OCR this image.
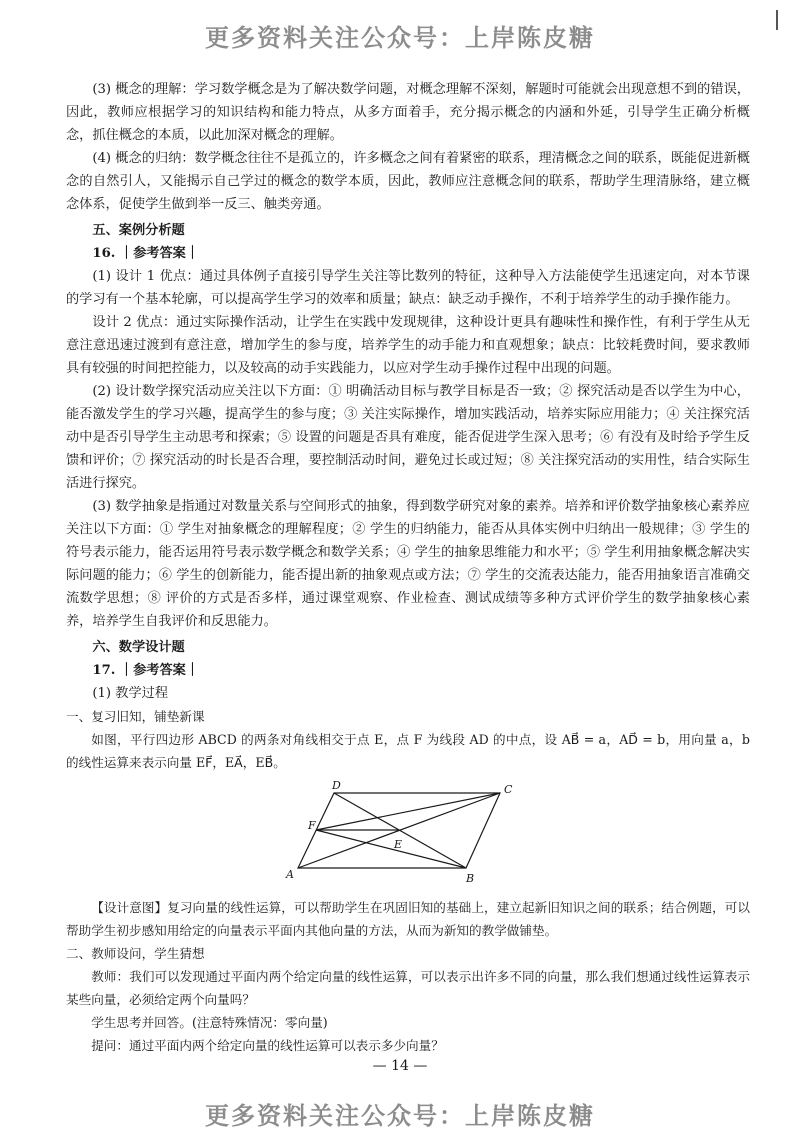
更多资料关注公众号：上岸陈皮糖

(3) 概念的理解：学习数学概念是为了解决数学问题，对概念理解不深刻，解题时可能就会出现意想不到的错误，因此，教师应根据学习的知识结构和能力特点，从多方面着手，充分揭示概念的内涵和外延，引导学生正确分析概念，抓住概念的本质，以此加深对概念的理解。

(4) 概念的归纳：数学概念往往不是孤立的，许多概念之间有着紧密的联系，理清概念之间的联系，既能促进新概念的自然引人，又能揭示自己学过的概念的数学本质，因此，教师应注意概念间的联系，帮助学生理清脉络，建立概念体系，促使学生做到举一反三、触类旁通。

五、案例分析题

16. ｜参考答案｜

(1) 设计 1 优点：通过具体例子直接引导学生关注等比数列的特征，这种导入方法能使学生迅速定向，对本节课的学习有一个基本轮廓，可以提高学生学习的效率和质量；缺点：缺乏动手操作，不利于培养学生的动手操作能力。

设计 2 优点：通过实际操作活动，让学生在实践中发现规律，这种设计更具有趣味性和操作性，有利于学生从无意注意迅速过渡到有意注意，增加学生的参与度，培养学生的动手能力和直观想象；缺点：比较耗费时间，要求教师具有较强的时间把控能力，以及较高的动手实践能力，以应对学生动手操作过程中出现的问题。

(2) 设计数学探究活动应关注以下方面：① 明确活动目标与教学目标是否一致；② 探究活动是否以学生为中心，能否激发学生的学习兴趣，提高学生的参与度；③ 关注实际操作，增加实践活动，培养实际应用能力；④ 关注探究活动中是否引导学生主动思考和探索；⑤ 设置的问题是否具有难度，能否促进学生深入思考；⑥ 有没有及时给予学生反馈和评价；⑦ 探究活动的时长是否合理，要控制活动时间，避免过长或过短；⑧ 关注探究活动的实用性，结合实际生活进行探究。

(3) 数学抽象是指通过对数量关系与空间形式的抽象，得到数学研究对象的素养。培养和评价数学抽象核心素养应关注以下方面：① 学生对抽象概念的理解程度；② 学生的归纳能力，能否从具体实例中归纳出一般规律；③ 学生的符号表示能力，能否运用符号表示数学概念和数学关系；④ 学生的抽象思维能力和水平；⑤ 学生利用抽象概念解决实际问题的能力；⑥ 学生的创新能力，能否提出新的抽象观点或方法；⑦ 学生的交流表达能力，能否用抽象语言准确交流数学思想；⑧ 评价的方式是否多样，通过课堂观察、作业检查、测试成绩等多种方式评价学生的数学抽象核心素养，培养学生自我评价和反思能力。

六、数学设计题

17. ｜参考答案｜

(1) 教学过程

一、复习旧知，铺垫新课

如图，平行四边形 ABCD 的两条对角线相交于点 E，点 F 为线段 AD 的中点，设 AB⃗ = a，AD⃗ = b，用向量 a，b 的线性运算来表示向量 EF⃗，EA⃗，EB⃗。

A	B
C
D
E
F

【设计意图】复习向量的线性运算，可以帮助学生在巩固旧知的基础上，建立起新旧知识之间的联系；结合例题，可以帮助学生初步感知用给定的向量表示平面内其他向量的方法，从而为新知的教学做铺垫。

二、教师设问，学生猜想

教师：我们可以发现通过平面内两个给定向量的线性运算，可以表示出许多不同的向量，那么我们想通过线性运算表示某些向量，必须给定两个向量吗？

学生思考并回答。(注意特殊情况：零向量)

提问：通过平面内两个给定向量的线性运算可以表示多少向量？

— 14 —
更多资料关注公众号：上岸陈皮糖
